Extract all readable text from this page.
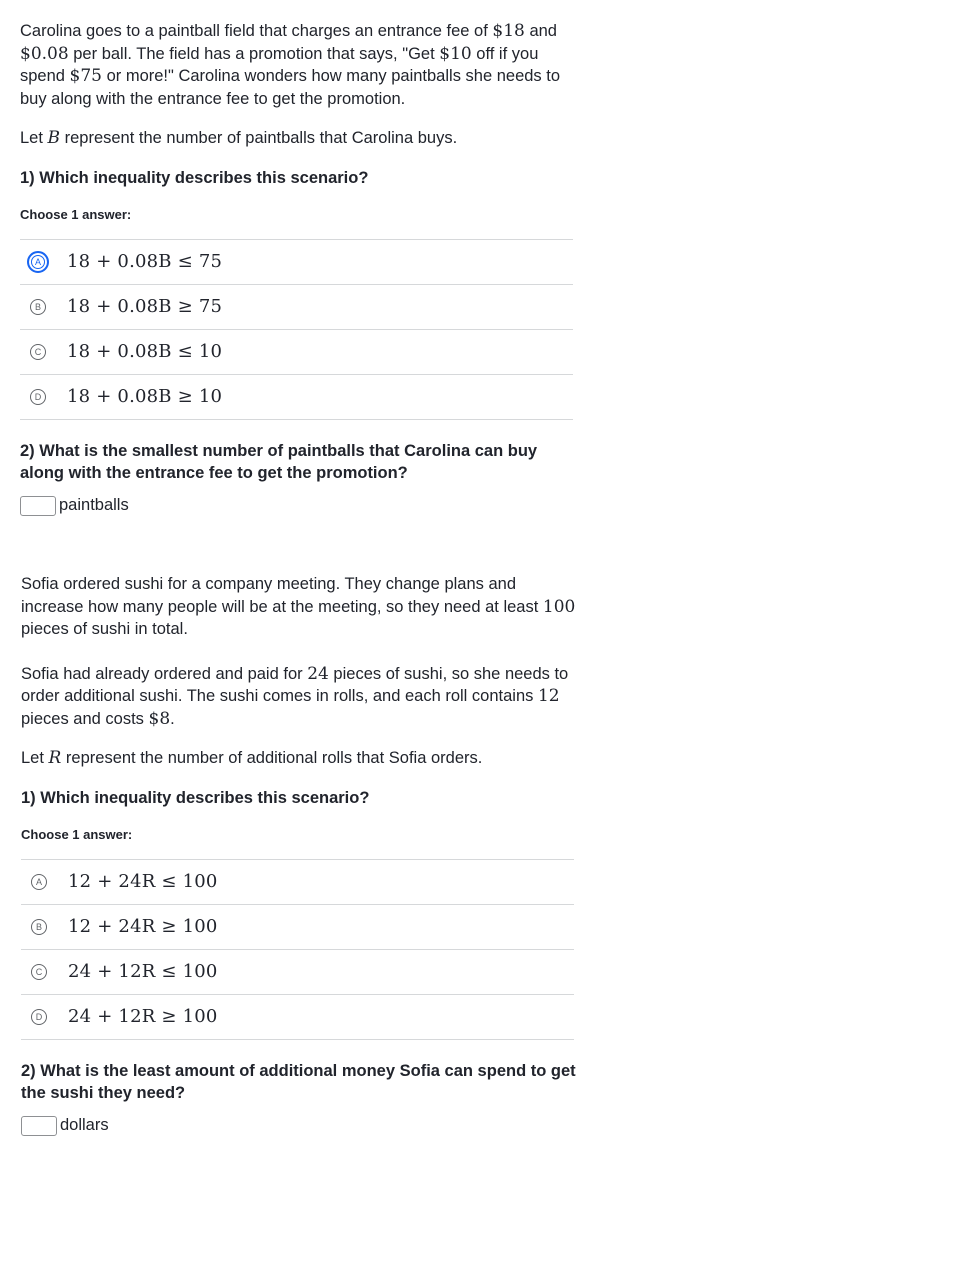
Carolina goes to a paintball field that charges an entrance fee of $18 and $0.08 per ball. The field has a promotion that says, "Get $10 off if you spend $75 or more!" Carolina wonders how many paintballs she needs to buy along with the entrance fee to get the promotion.

Let B represent the number of paintballs that Carolina buys.

1) Which inequality describes this scenario?
Choose 1 answer:
A	18 + 0.08B ≤ 75
B 18 + 0.08B ≥ 75
C 18 + 0.08B ≤ 10
D 18 + 0.08B ≥ 10
2) What is the smallest number of paintballs that Carolina can buy along with the entrance fee to get the promotion?
paintballs

Sofia ordered sushi for a company meeting. They change plans and increase how many people will be at the meeting, so they need at least 100 pieces of sushi in total.

Sofia had already ordered and paid for 24 pieces of sushi, so she needs to order additional sushi. The sushi comes in rolls, and each roll contains 12 pieces and costs $8.

Let R represent the number of additional rolls that Sofia orders.

1) Which inequality describes this scenario?
Choose 1 answer:
A 12 + 24R ≤ 100
B 12 + 24R ≥ 100
C 24 + 12R ≤ 100
D 24 + 12R ≥ 100
2) What is the least amount of additional money Sofia can spend to get the sushi they need?
dollars
